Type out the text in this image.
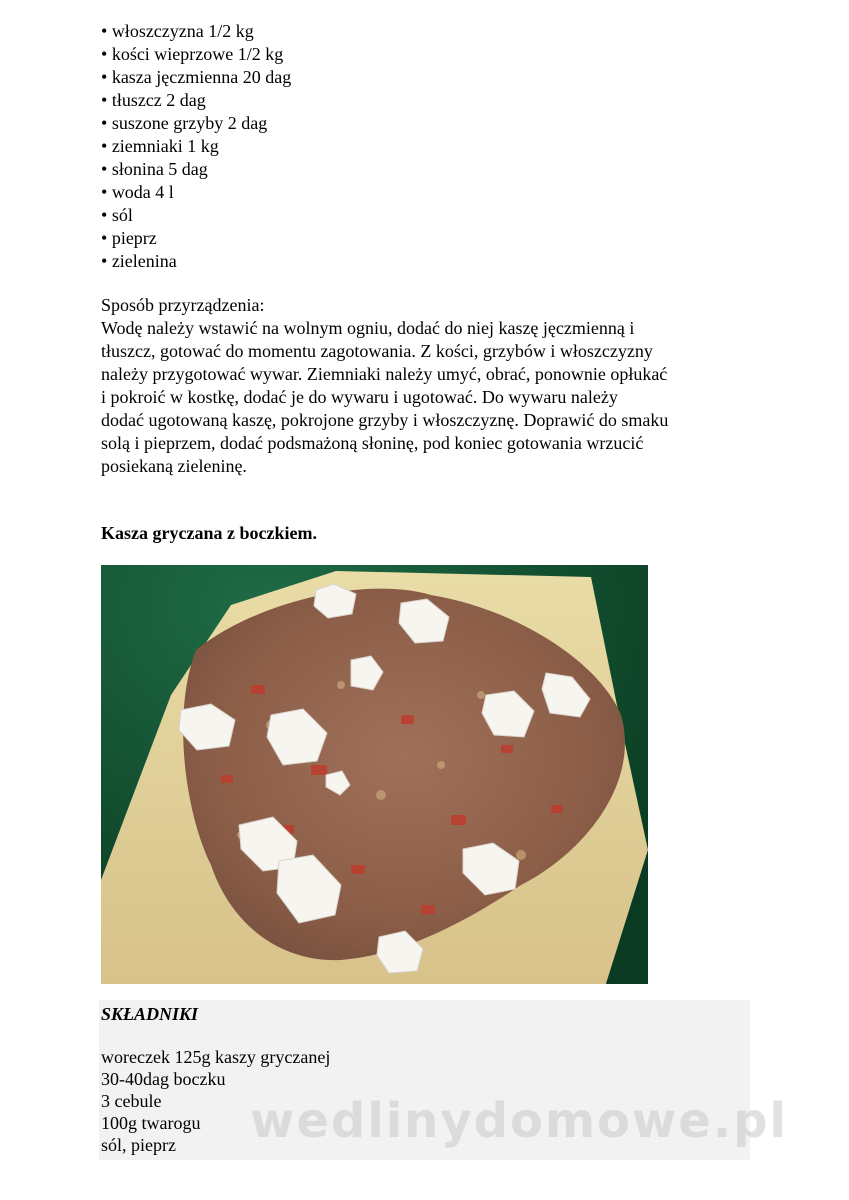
• włoszczyzna 1/2 kg
• kości wieprzowe 1/2 kg
• kasza jęczmienna 20 dag
• tłuszcz 2 dag
• suszone grzyby 2 dag
• ziemniaki 1 kg
• słonina 5 dag
• woda 4 l
• sól
• pieprz
• zielenina

Sposób przyrządzenia:

Wodę należy wstawić na wolnym ogniu, dodać do niej kaszę jęczmienną i

tłuszcz, gotować do momentu zagotowania. Z kości, grzybów i włoszczyzny

należy przygotować wywar. Ziemniaki należy umyć, obrać, ponownie opłukać

i pokroić w kostkę, dodać je do wywaru i ugotować. Do wywaru należy

dodać ugotowaną kaszę, pokrojone grzyby i włoszczyznę. Doprawić do smaku

solą i pieprzem, dodać podsmażoną słoninę, pod koniec gotowania wrzucić

posiekaną zieleninę.

Kasza gryczana z boczkiem.
SKŁADNIKI
woreczek 125g kaszy gryczanej
30-40dag boczku
3 cebule
100g twarogu
sól, pieprz	wedlinydomowe.pl
